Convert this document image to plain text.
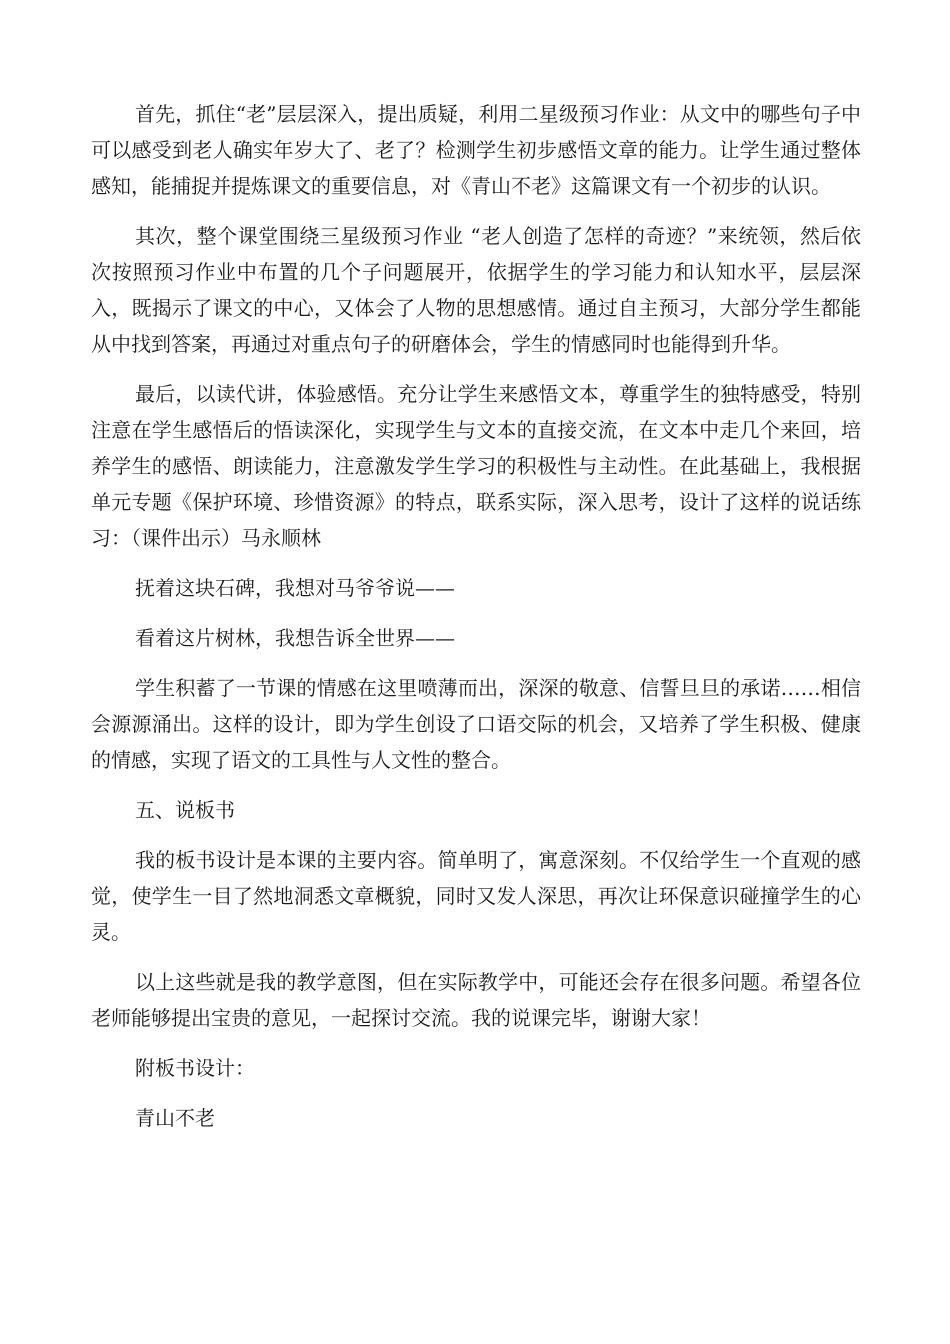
首先，抓住“老”层层深入，提出质疑，利用二星级预习作业：从文中的哪些句子中可以感受到老人确实年岁大了、老了？检测学生初步感悟文章的能力。让学生通过整体感知，能捕捉并提炼课文的重要信息，对《青山不老》这篇课文有一个初步的认识。

其次，整个课堂围绕三星级预习作业 “老人创造了怎样的奇迹？”来统领，然后依次按照预习作业中布置的几个子问题展开，依据学生的学习能力和认知水平，层层深入，既揭示了课文的中心，又体会了人物的思想感情。通过自主预习，大部分学生都能从中找到答案，再通过对重点句子的研磨体会，学生的情感同时也能得到升华。

最后，以读代讲，体验感悟。充分让学生来感悟文本，尊重学生的独特感受，特别注意在学生感悟后的悟读深化，实现学生与文本的直接交流，在文本中走几个来回，培养学生的感悟、朗读能力，注意激发学生学习的积极性与主动性。在此基础上，我根据单元专题《保护环境、珍惜资源》的特点，联系实际，深入思考，设计了这样的说话练习：（课件出示）马永顺林

抚着这块石碑，我想对马爷爷说——

看着这片树林，我想告诉全世界——

学生积蓄了一节课的情感在这里喷薄而出，深深的敬意、信誓旦旦的承诺……相信会源源涌出。这样的设计，即为学生创设了口语交际的机会，又培养了学生积极、健康的情感，实现了语文的工具性与人文性的整合。

五、说板书

我的板书设计是本课的主要内容。简单明了，寓意深刻。不仅给学生一个直观的感觉，使学生一目了然地洞悉文章概貌，同时又发人深思，再次让环保意识碰撞学生的心灵。

以上这些就是我的教学意图，但在实际教学中，可能还会存在很多问题。希望各位老师能够提出宝贵的意见，一起探讨交流。我的说课完毕，谢谢大家！

附板书设计：

青山不老
